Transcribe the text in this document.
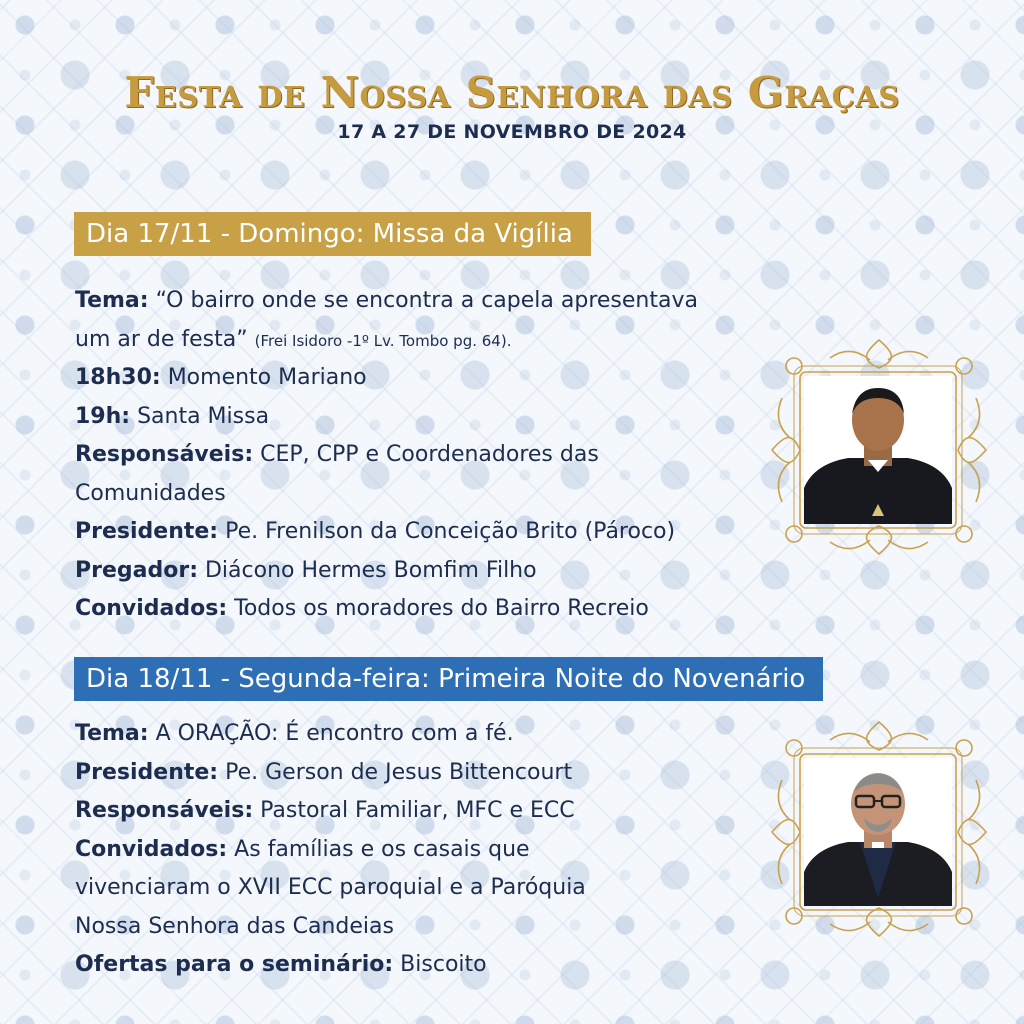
Festa de Nossa Senhora das Graças
17 A 27 DE NOVEMBRO DE 2024
Dia 17/11 - Domingo: Missa da Vigília
Tema: “O bairro onde se encontra a capela apresentava
um ar de festa” (Frei Isidoro -1º Lv. Tombo pg. 64).
18h30: Momento Mariano
19h: Santa Missa
Responsáveis: CEP, CPP e Coordenadores das
Comunidades
Presidente: Pe. Frenilson da Conceição Brito (Pároco)
Pregador: Diácono Hermes Bomfim Filho
Convidados: Todos os moradores do Bairro Recreio
Dia 18/11 - Segunda-feira: Primeira Noite do Novenário
Tema: A ORAÇÃO: É encontro com a fé.
Presidente: Pe. Gerson de Jesus Bittencourt
Responsáveis: Pastoral Familiar, MFC e ECC
Convidados: As famílias e os casais que
vivenciaram o XVII ECC paroquial e a Paróquia
Nossa Senhora das Candeias
Ofertas para o seminário: Biscoito
